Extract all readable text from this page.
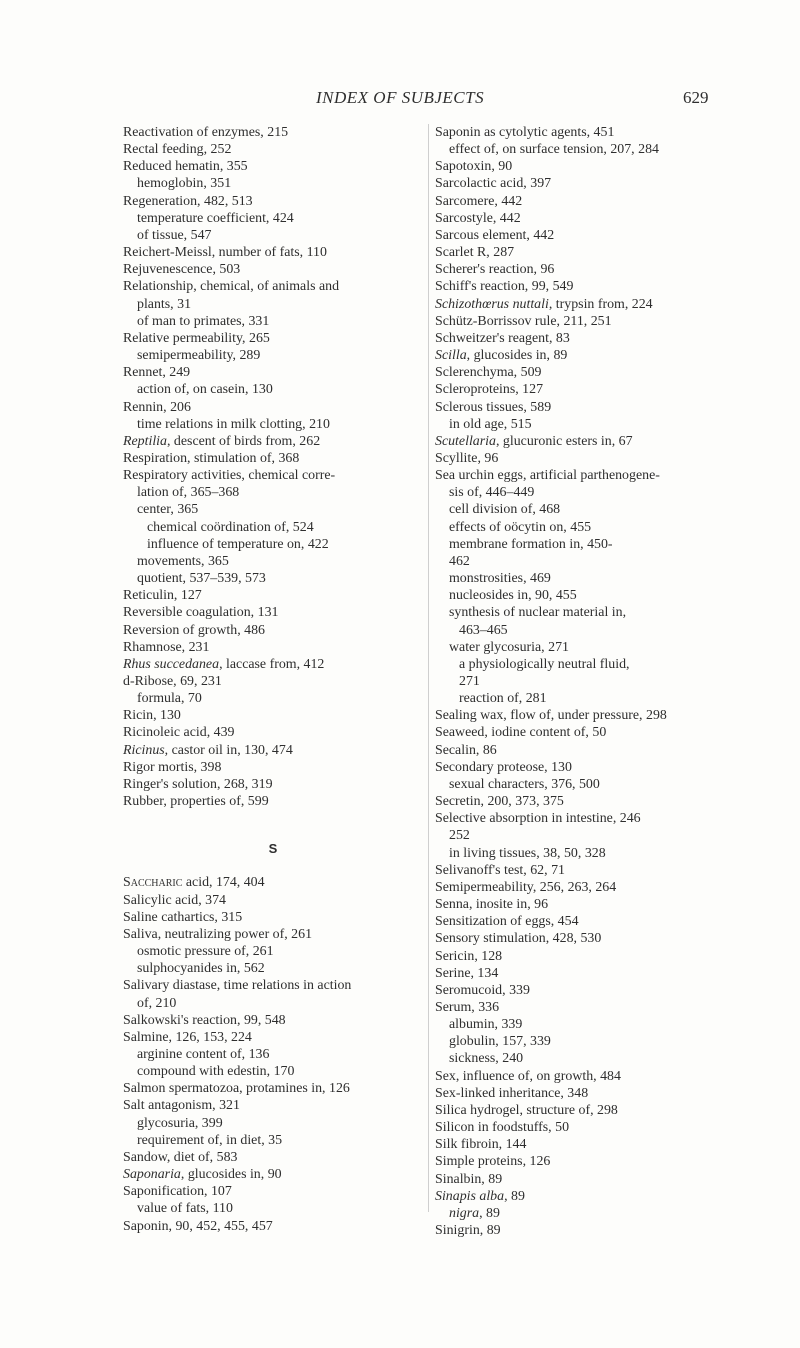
INDEX OF SUBJECTS	629
Reactivation of enzymes, 215
Rectal feeding, 252
Reduced hematin, 355
hemoglobin, 351
Regeneration, 482, 513
temperature coefficient, 424
of tissue, 547
Reichert-Meissl, number of fats, 110
Rejuvenescence, 503
Relationship, chemical, of animals and
plants, 31
of man to primates, 331
Relative permeability, 265
semipermeability, 289
Rennet, 249
action of, on casein, 130
Rennin, 206
time relations in milk clotting, 210
Reptilia, descent of birds from, 262
Respiration, stimulation of, 368
Respiratory activities, chemical corre-
lation of, 365–368
center, 365
chemical coördination of, 524
influence of temperature on, 422
movements, 365
quotient, 537–539, 573
Reticulin, 127
Reversible coagulation, 131
Reversion of growth, 486
Rhamnose, 231
Rhus succedanea, laccase from, 412
d-Ribose, 69, 231
formula, 70
Ricin, 130
Ricinoleic acid, 439
Ricinus, castor oil in, 130, 474
Rigor mortis, 398
Ringer's solution, 268, 319
Rubber, properties of, 599
S
Saccharic acid, 174, 404
Salicylic acid, 374
Saline cathartics, 315
Saliva, neutralizing power of, 261
osmotic pressure of, 261
sulphocyanides in, 562
Salivary diastase, time relations in action
of, 210
Salkowski's reaction, 99, 548
Salmine, 126, 153, 224
arginine content of, 136
compound with edestin, 170
Salmon spermatozoa, protamines in, 126
Salt antagonism, 321
glycosuria, 399
requirement of, in diet, 35
Sandow, diet of, 583
Saponaria, glucosides in, 90
Saponification, 107
value of fats, 110
Saponin, 90, 452, 455, 457
Saponin as cytolytic agents, 451
effect of, on surface tension, 207, 284
Sapotoxin, 90
Sarcolactic acid, 397
Sarcomere, 442
Sarcostyle, 442
Sarcous element, 442
Scarlet R, 287
Scherer's reaction, 96
Schiff's reaction, 99, 549
Schizothœrus nuttali, trypsin from, 224
Schütz-Borrissov rule, 211, 251
Schweitzer's reagent, 83
Scilla, glucosides in, 89
Sclerenchyma, 509
Scleroproteins, 127
Sclerous tissues, 589
in old age, 515
Scutellaria, glucuronic esters in, 67
Scyllite, 96
Sea urchin eggs, artificial parthenogene-
sis of, 446–449
cell division of, 468
effects of oöcytin on, 455
membrane formation in, 450-
462
monstrosities, 469
nucleosides in, 90, 455
synthesis of nuclear material in,
463–465
water glycosuria, 271
a physiologically neutral fluid,
271
reaction of, 281
Sealing wax, flow of, under pressure, 298
Seaweed, iodine content of, 50
Secalin, 86
Secondary proteose, 130
sexual characters, 376, 500
Secretin, 200, 373, 375
Selective absorption in intestine, 246
252
in living tissues, 38, 50, 328
Selivanoff's test, 62, 71
Semipermeability, 256, 263, 264
Senna, inosite in, 96
Sensitization of eggs, 454
Sensory stimulation, 428, 530
Sericin, 128
Serine, 134
Seromucoid, 339
Serum, 336
albumin, 339
globulin, 157, 339
sickness, 240
Sex, influence of, on growth, 484
Sex-linked inheritance, 348
Silica hydrogel, structure of, 298
Silicon in foodstuffs, 50
Silk fibroin, 144
Simple proteins, 126
Sinalbin, 89
Sinapis alba, 89
nigra, 89
Sinigrin, 89
